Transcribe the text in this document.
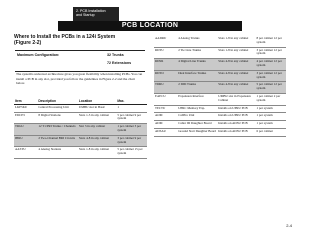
2. PCB Installation
and Startup
PCB LOCATION
Where to Install the PCBs in a 124i System
(Figure 2-2)
Maximum Configuration:	32 Trunks
72 Extensions
The system's universal architecture gives you great flexibility when installing PCBs. You can install a PCB in any slot, provided you follow the guidelines in Figure 2-2 and the chart below.
Item	Description	Location	Max.
LKP5KU	Central Processing Unit	UMBU slot in Basic	1
EDCE5	8 Digital Stations	Slots 1-3 in any cabinet	5 per cabinet 9 per system
TRGU	12 T1/PRI Trunks / Channels	Slot 3 in any cabinet	1 per cabinet 3 per system
IBRU	2 Two-Channel BRI Circuits	Slots 4-8 in any cabinet	3 per cabinet 9 per system
AASTU	4 Analog Stations	Slots 1-8 in any cabinet	5 per cabinet 15 per system
AADRU	4 Analog Trunks	Slots 1-8 in any cabinet	8 per cabinet 12 per system
RDTU	2 Tie Line Trunks	Slots 1-8 in any cabinet	3 per cabinet 12 per system
RDSR	4 Digital Line Trunks	Slots 4-8 in any cabinet	4 per cabinet 12 per system
RDTO	Dual Interface Trunks	Slots 4-8 in any cabinet	3 per cabinet 12 per system
TDRU	2 DID Trunks	Slots 4-8 in any cabinet	5 per cabinet 12 per system
EAECU	Expansion Interface	UMBU slot in Expansion Cabinet	1 per cabinet 2 per system
TECTU	UPRC Memory Exp.	Installs on UPRU PCB	1 per system
AOM	CallPro Unit	Installs on UPRU PCB	1 per system
ADM	Caller ID Daughter Board	Installs on ADSU PCB	1 per system
ADSAU	Ground Start Daughter Board	Installs on ADSU PCB	6 per cabinet
2-4
